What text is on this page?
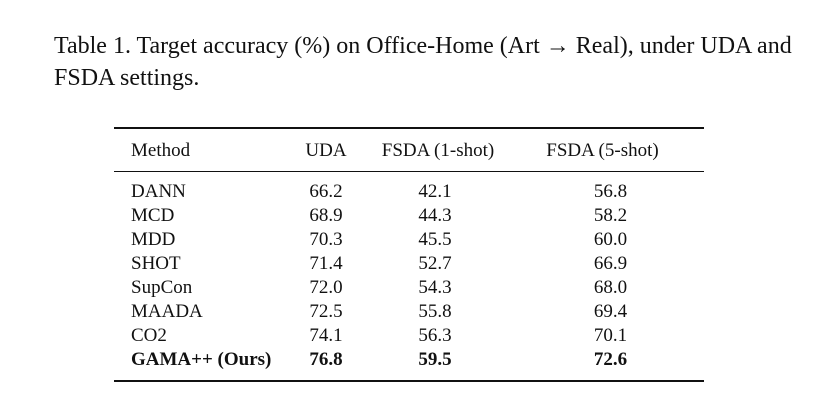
Table 1. Target accuracy (%) on Office-Home (Art → Real), under UDA and FSDA settings.
Method	UDA	FSDA (1-shot)	FSDA (5-shot)
DANN	66.2	42.1	56.8
MCD	68.9	44.3	58.2
MDD	70.3	45.5	60.0
SHOT	71.4	52.7	66.9
SupCon	72.0	54.3	68.0
MAADA	72.5	55.8	69.4
CO2	74.1	56.3	70.1
GAMA++ (Ours)	76.8	59.5	72.6
